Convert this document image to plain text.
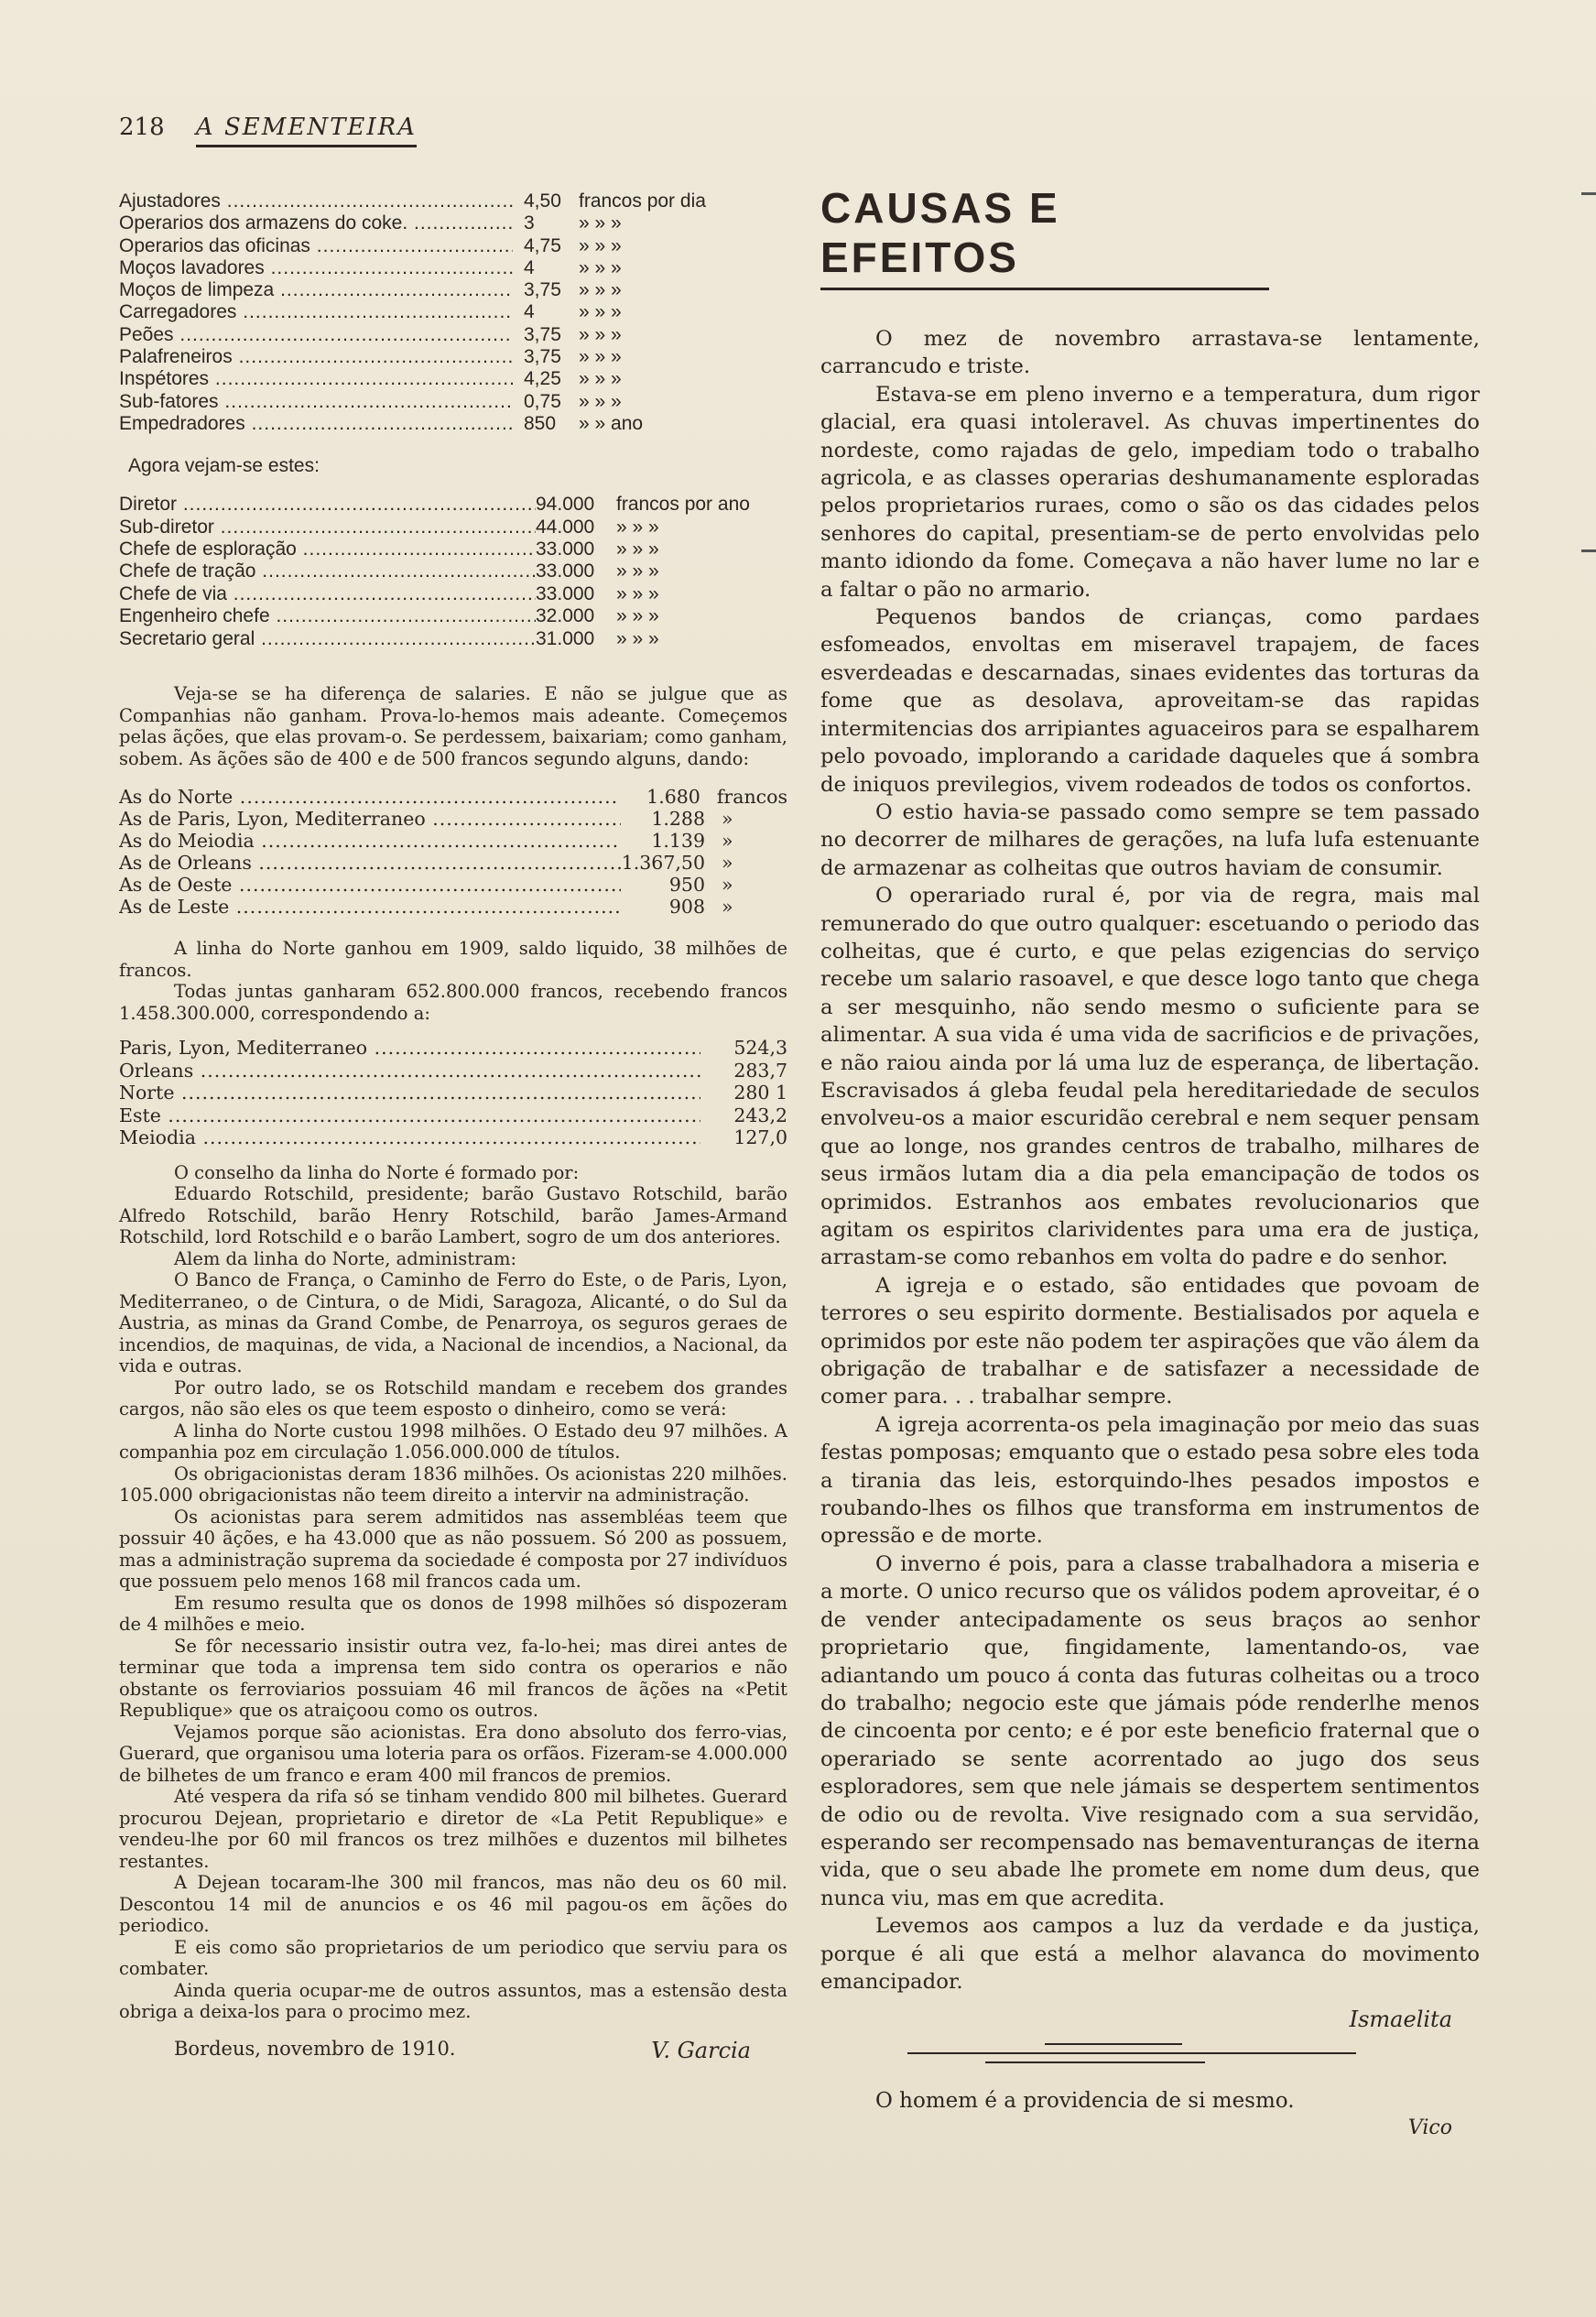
218 A SEMENTEIRA
Ajustadores .....	4,50 francos por dia
Operarios dos armazens do coke. .....	3	» » »
Operarios das oficinas .....	4,75 » » »
Moços lavadores .....	4	» » »
Moços de limpeza .....	3,75 » » »
Carregadores .....	4	» » »
Peões .....	3,75 » » »
Palafreneiros .....	3,75 » » »
Inspétores .....	4,25 » » »
Sub-fatores .....	0,75 » » »
Empedradores .....	850	» » ano
Agora vejam-se estes:
Diretor .....	94.000	francos por ano
Sub-diretor .....	44.000	» » »
Chefe de esploração .....	33.000	» » »
Chefe de tração .....	33.000	» » »
Chefe de via .....	33.000	» » »
Engenheiro chefe .....	32.000	» » »
Secretario geral .....	31.000	» » »

Veja-se se ha diferença de salaries. E não se julgue que as Companhias não ganham. Prova-lo-hemos mais adeante. Começemos pelas ãções, que elas provam-o. Se perdessem, baixariam; como ganham, sobem. As ãções são de 400 e de 500 francos segundo alguns, dando:

As do Norte .....	1.680 francos
As de Paris, Lyon, Mediterraneo .....	1.288 »
As do Meiodia .....	1.139 »
As de Orleans .....	1.367,50 »
As de Oeste .....	950 »
As de Leste .....	908 »

A linha do Norte ganhou em 1909, saldo liquido, 38 milhões de francos.

Todas juntas ganharam 652.800.000 francos, recebendo francos 1.458.300.000, correspondendo a:

Paris, Lyon, Mediterraneo .....	524,3
Orleans .....	283,7
Norte .....	280 1
Este .....	243,2
Meiodia .....	127,0

O conselho da linha do Norte é formado por:

Eduardo Rotschild, presidente; barão Gustavo Rotschild, barão Alfredo Rotschild, barão Henry Rotschild, barão James-Armand Rotschild, lord Rotschild e o barão Lambert, sogro de um dos anteriores.

Alem da linha do Norte, administram:

O Banco de França, o Caminho de Ferro do Este, o de Paris, Lyon, Mediterraneo, o de Cintura, o de Midi, Saragoza, Alicanté, o do Sul da Austria, as minas da Grand Combe, de Penarroya, os seguros geraes de incendios, de maquinas, de vida, a Nacional de incendios, a Nacional, da vida e outras.

Por outro lado, se os Rotschild mandam e recebem dos grandes cargos, não são eles os que teem esposto o dinheiro, como se verá:

A linha do Norte custou 1998 milhões. O Estado deu 97 milhões. A companhia poz em circulação 1.056.000.000 de títulos.

Os obrigacionistas deram 1836 milhões. Os acionistas 220 milhões. 105.000 obrigacionistas não teem direito a intervir na administração.

Os acionistas para serem admitidos nas assembléas teem que possuir 40 ãções, e ha 43.000 que as não possuem. Só 200 as possuem, mas a administração suprema da sociedade é composta por 27 indivíduos que possuem pelo menos 168 mil francos cada um.

Em resumo resulta que os donos de 1998 milhões só dispozeram de 4 milhões e meio.

Se fôr necessario insistir outra vez, fa-lo-hei; mas direi antes de terminar que toda a imprensa tem sido contra os operarios e não obstante os ferroviarios possuiam 46 mil francos de ãções na «Petit Republique» que os atraiçoou como os outros.

Vejamos porque são acionistas. Era dono absoluto dos ferro-vias, Guerard, que organisou uma loteria para os orfãos. Fizeram-se 4.000.000 de bilhetes de um franco e eram 400 mil francos de premios.

Até vespera da rifa só se tinham vendido 800 mil bilhetes. Guerard procurou Dejean, proprietario e diretor de «La Petit Republique» e vendeu-lhe por 60 mil francos os trez milhões e duzentos mil bilhetes restantes.

A Dejean tocaram-lhe 300 mil francos, mas não deu os 60 mil. Descontou 14 mil de anuncios e os 46 mil pagou-os em ãções do periodico.

E eis como são proprietarios de um periodico que serviu para os combater.

Ainda queria ocupar-me de outros assuntos, mas a estensão desta obriga a deixa-los para o procimo mez.

Bordeus, novembro de 1910.	V. Garcia
CAUSAS E EFEITOS

O mez de novembro arrastava-se lentamente, carrancudo e triste.

Estava-se em pleno inverno e a temperatura, dum rigor glacial, era quasi intoleravel. As chuvas impertinentes do nordeste, como rajadas de gelo, impediam todo o trabalho agricola, e as classes operarias deshumanamente esploradas pelos proprietarios ruraes, como o são os das cidades pelos senhores do capital, presentiam-se de perto envolvidas pelo manto idiondo da fome. Começava a não haver lume no lar e a faltar o pão no armario.

Pequenos bandos de crianças, como pardaes esfomeados, envoltas em miseravel trapajem, de faces esverdeadas e descarnadas, sinaes evidentes das torturas da fome que as desolava, aproveitam-se das rapidas intermitencias dos arripiantes aguaceiros para se espalharem pelo povoado, implorando a caridade daqueles que á sombra de iniquos previlegios, vivem rodeados de todos os confortos.

O estio havia-se passado como sempre se tem passado no decorrer de milhares de gerações, na lufa lufa estenuante de armazenar as colheitas que outros haviam de consumir.

O operariado rural é, por via de regra, mais mal remunerado do que outro qualquer: escetuando o periodo das colheitas, que é curto, e que pelas ezigencias do serviço recebe um salario rasoavel, e que desce logo tanto que chega a ser mesquinho, não sendo mesmo o suficiente para se alimentar. A sua vida é uma vida de sacrificios e de privações, e não raiou ainda por lá uma luz de esperança, de libertação. Escravisados á gleba feudal pela hereditariedade de seculos envolveu-os a maior escuridão cerebral e nem sequer pensam que ao longe, nos grandes centros de trabalho, milhares de seus irmãos lutam dia a dia pela emancipação de todos os oprimidos. Estranhos aos embates revolucionarios que agitam os espiritos clarividentes para uma era de justiça, arrastam-se como rebanhos em volta do padre e do senhor.

A igreja e o estado, são entidades que povoam de terrores o seu espirito dormente. Bestialisados por aquela e oprimidos por este não podem ter aspirações que vão álem da obrigação de trabalhar e de satisfazer a necessidade de comer para. . . trabalhar sempre.

A igreja acorrenta-os pela imaginação por meio das suas festas pomposas; emquanto que o estado pesa sobre eles toda a tirania das leis, estorquindo-lhes pesados impostos e roubando-lhes os filhos que transforma em instrumentos de opressão e de morte.

O inverno é pois, para a classe trabalhadora a miseria e a morte. O unico recurso que os válidos podem aproveitar, é o de vender antecipadamente os seus braços ao senhor proprietario que, fingidamente, lamentando-os, vae adiantando um pouco á conta das futuras colheitas ou a troco do trabalho; negocio este que jámais póde renderlhe menos de cincoenta por cento; e é por este beneficio fraternal que o operariado se sente acorrentado ao jugo dos seus esploradores, sem que nele jámais se despertem sentimentos de odio ou de revolta. Vive resignado com a sua servidão, esperando ser recompensado nas bemaventuranças de iterna vida, que o seu abade lhe promete em nome dum deus, que nunca viu, mas em que acredita.

Levemos aos campos a luz da verdade e da justiça, porque é ali que está a melhor alavanca do movimento emancipador.

Ismaelita
O homem é a providencia de si mesmo.
Vico
